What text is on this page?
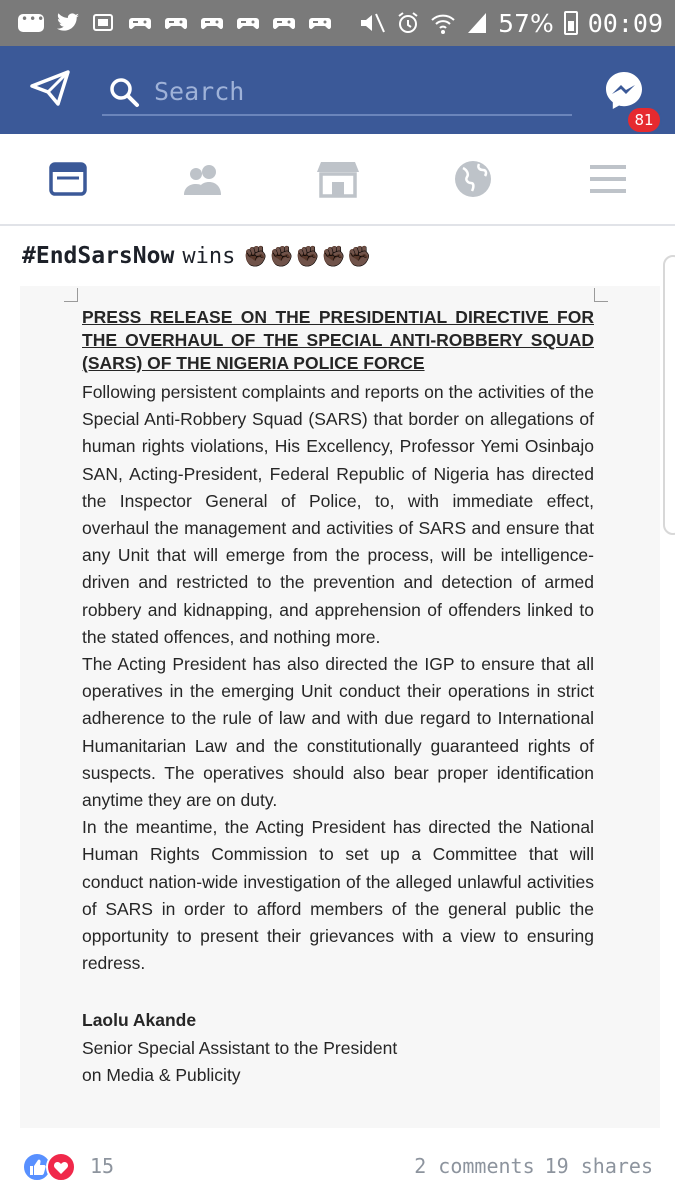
•••
57% 00:09
Search
81
#EndSarsNow wins ✊🏿✊🏿✊🏿✊🏿✊🏿
PRESS RELEASE ON THE PRESIDENTIAL DIRECTIVE FOR THE OVERHAUL OF THE SPECIAL ANTI-ROBBERY SQUAD (SARS) OF THE NIGERIA POLICE FORCE

Following persistent complaints and reports on the activities of the Special Anti-Robbery Squad (SARS) that border on allegations of human rights violations, His Excellency, Professor Yemi Osinbajo SAN, Acting-President, Federal Republic of Nigeria has directed the Inspector General of Police, to, with immediate effect, overhaul the management and activities of SARS and ensure that any Unit that will emerge from the process, will be intelligence-driven and restricted to the prevention and detection of armed robbery and kidnapping, and apprehension of offenders linked to the stated offences, and nothing more.

The Acting President has also directed the IGP to ensure that all operatives in the emerging Unit conduct their operations in strict adherence to the rule of law and with due regard to International Humanitarian Law and the constitutionally guaranteed rights of suspects. The operatives should also bear proper identification anytime they are on duty.

In the meantime, the Acting President has directed the National Human Rights Commission to set up a Committee that will conduct nation-wide investigation of the alleged unlawful activities of SARS in order to afford members of the general public the opportunity to present their grievances with a view to ensuring redress.

Laolu Akande
Senior Special Assistant to the President
on Media & Publicity
15	2 comments 19 shares
